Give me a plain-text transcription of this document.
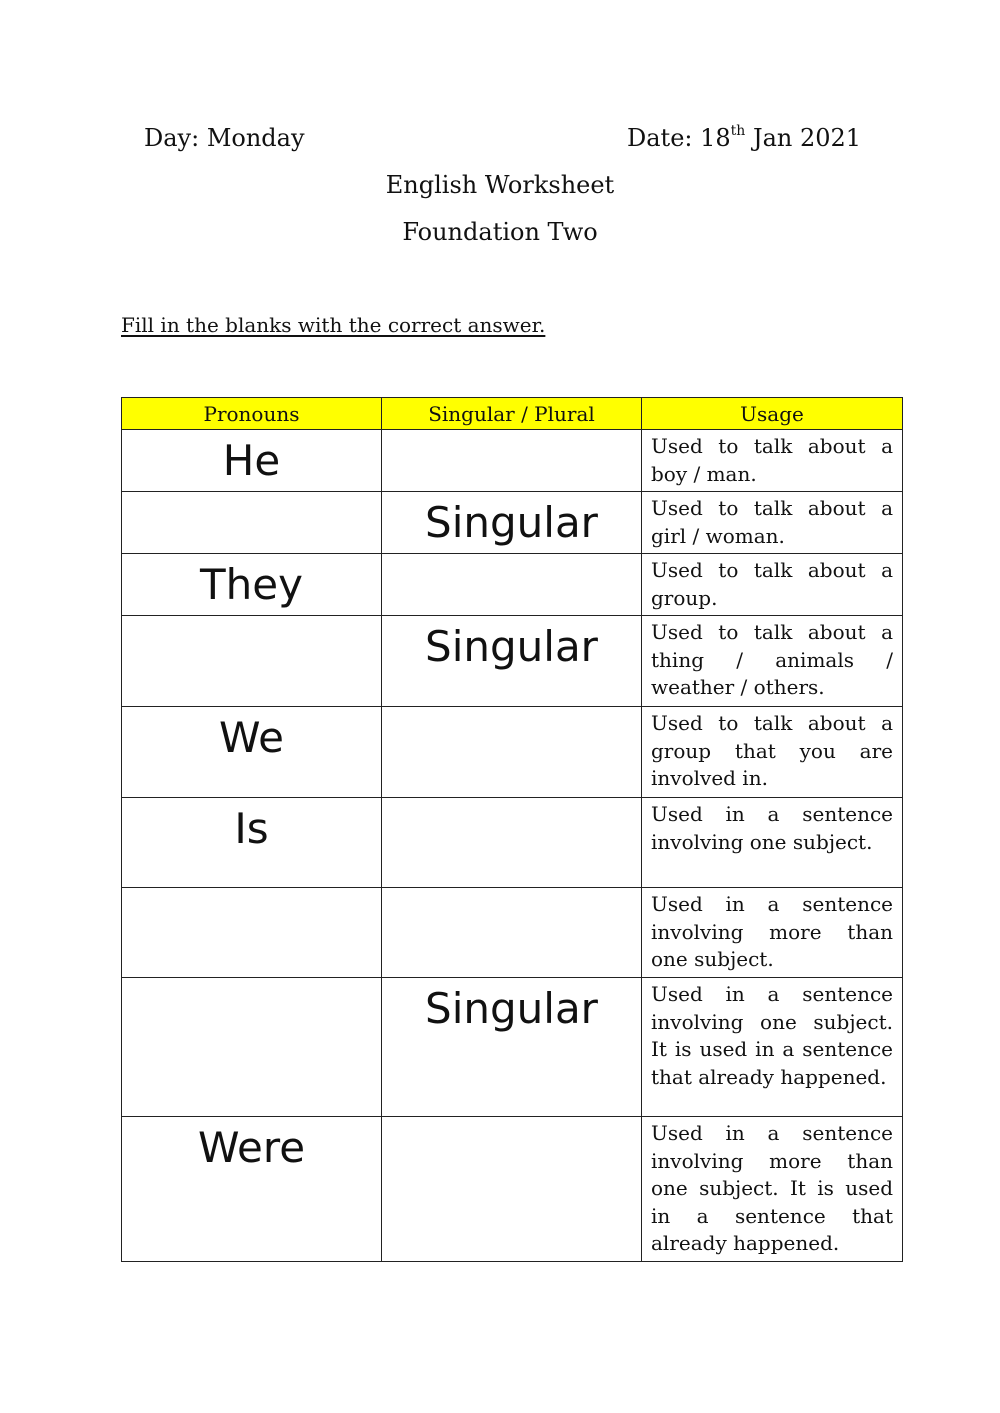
Day: Monday	Date: 18th Jan 2021
English Worksheet
Foundation Two
Fill in the blanks with the correct answer.
Pronouns	Singular / Plural	Usage
He		Used to talk about a boy / man.
	Singular	Used to talk about a girl / woman.
They		Used to talk about a group.
	Singular	Used to talk about a thing / animals / weather / others.
We		Used to talk about a group that you are involved in.
Is		Used in a sentence involving one subject.
		Used in a sentence involving more than one subject.
	Singular	Used in a sentence involving one subject. It is used in a sentence that already happened.
Were		Used in a sentence involving more than one subject. It is used in a sentence that already happened.
